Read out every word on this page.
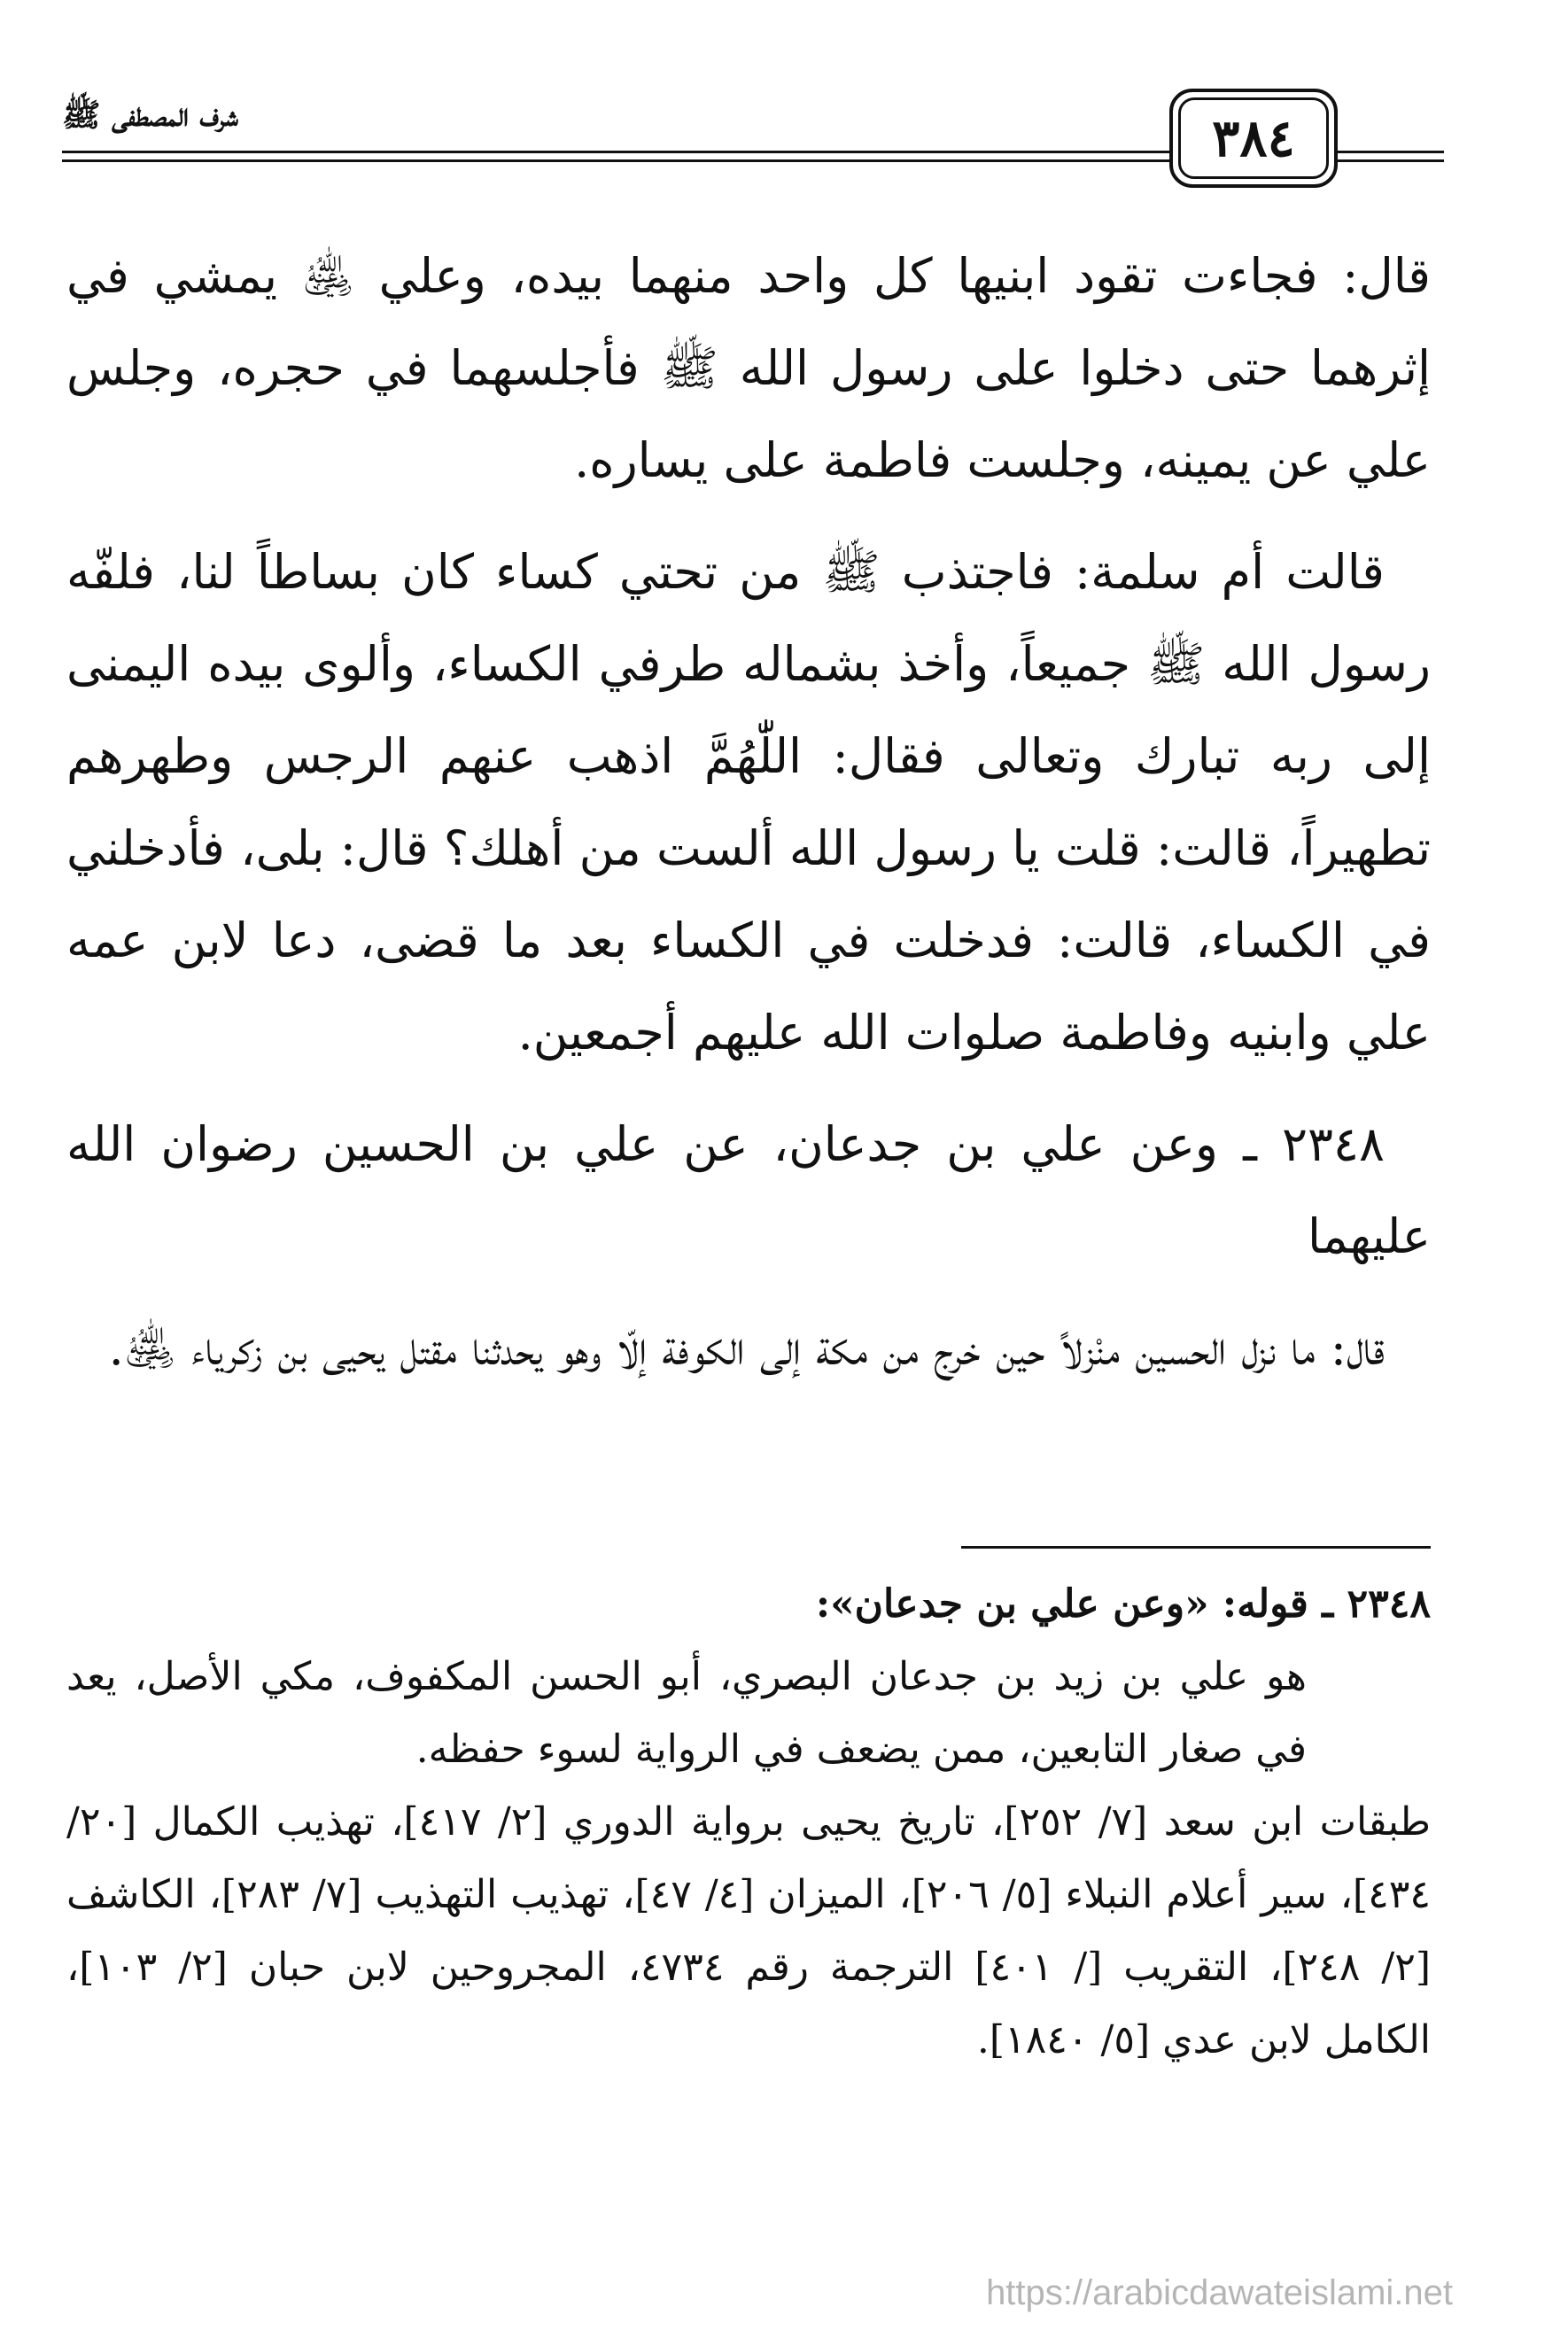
شرف المصطفى ﷺ	٣٨٤

قال: فجاءت تقود ابنيها كل واحد منهما بيده، وعلي ﵁ يمشي في إثرهما حتى دخلوا على رسول الله ﷺ فأجلسهما في حجره، وجلس علي عن يمينه، وجلست فاطمة على يساره.

قالت أم سلمة: فاجتذب ﷺ من تحتي كساء كان بساطاً لنا، فلفّه رسول الله ﷺ جميعاً، وأخذ بشماله طرفي الكساء، وألوى بيده اليمنى إلى ربه تبارك وتعالى فقال: اللّٰهُمَّ اذهب عنهم الرجس وطهرهم تطهيراً، قالت: قلت يا رسول الله ألست من أهلك؟ قال: بلى، فأدخلني في الكساء، قالت: فدخلت في الكساء بعد ما قضى، دعا لابن عمه علي وابنيه وفاطمة صلوات الله عليهم أجمعين.

٢٣٤٨ ـ وعن علي بن جدعان، عن علي بن الحسين رضوان الله عليهما

قال: ما نزل الحسين منْزلاً حين خرج من مكة إلى الكوفة إلّا وهو يحدثنا مقتل يحيى بن زكرياء ﵁.

٢٣٤٨ ـ قوله: «وعن علي بن جدعان»:

هو علي بن زيد بن جدعان البصري، أبو الحسن المكفوف، مكي الأصل، يعد في صغار التابعين، ممن يضعف في الرواية لسوء حفظه.

طبقات ابن سعد [٧/ ٢٥٢]، تاريخ يحيى برواية الدوري [٢/ ٤١٧]، تهذيب الكمال [٢٠/ ٤٣٤]، سير أعلام النبلاء [٥/ ٢٠٦]، الميزان [٤/ ٤٧]، تهذيب التهذيب [٧/ ٢٨٣]، الكاشف [٢/ ٢٤٨]، التقريب [/ ٤٠١] الترجمة رقم ٤٧٣٤، المجروحين لابن حبان [٢/ ١٠٣]، الكامل لابن عدي [٥/ ١٨٤٠].

https://arabicdawateislami.net
